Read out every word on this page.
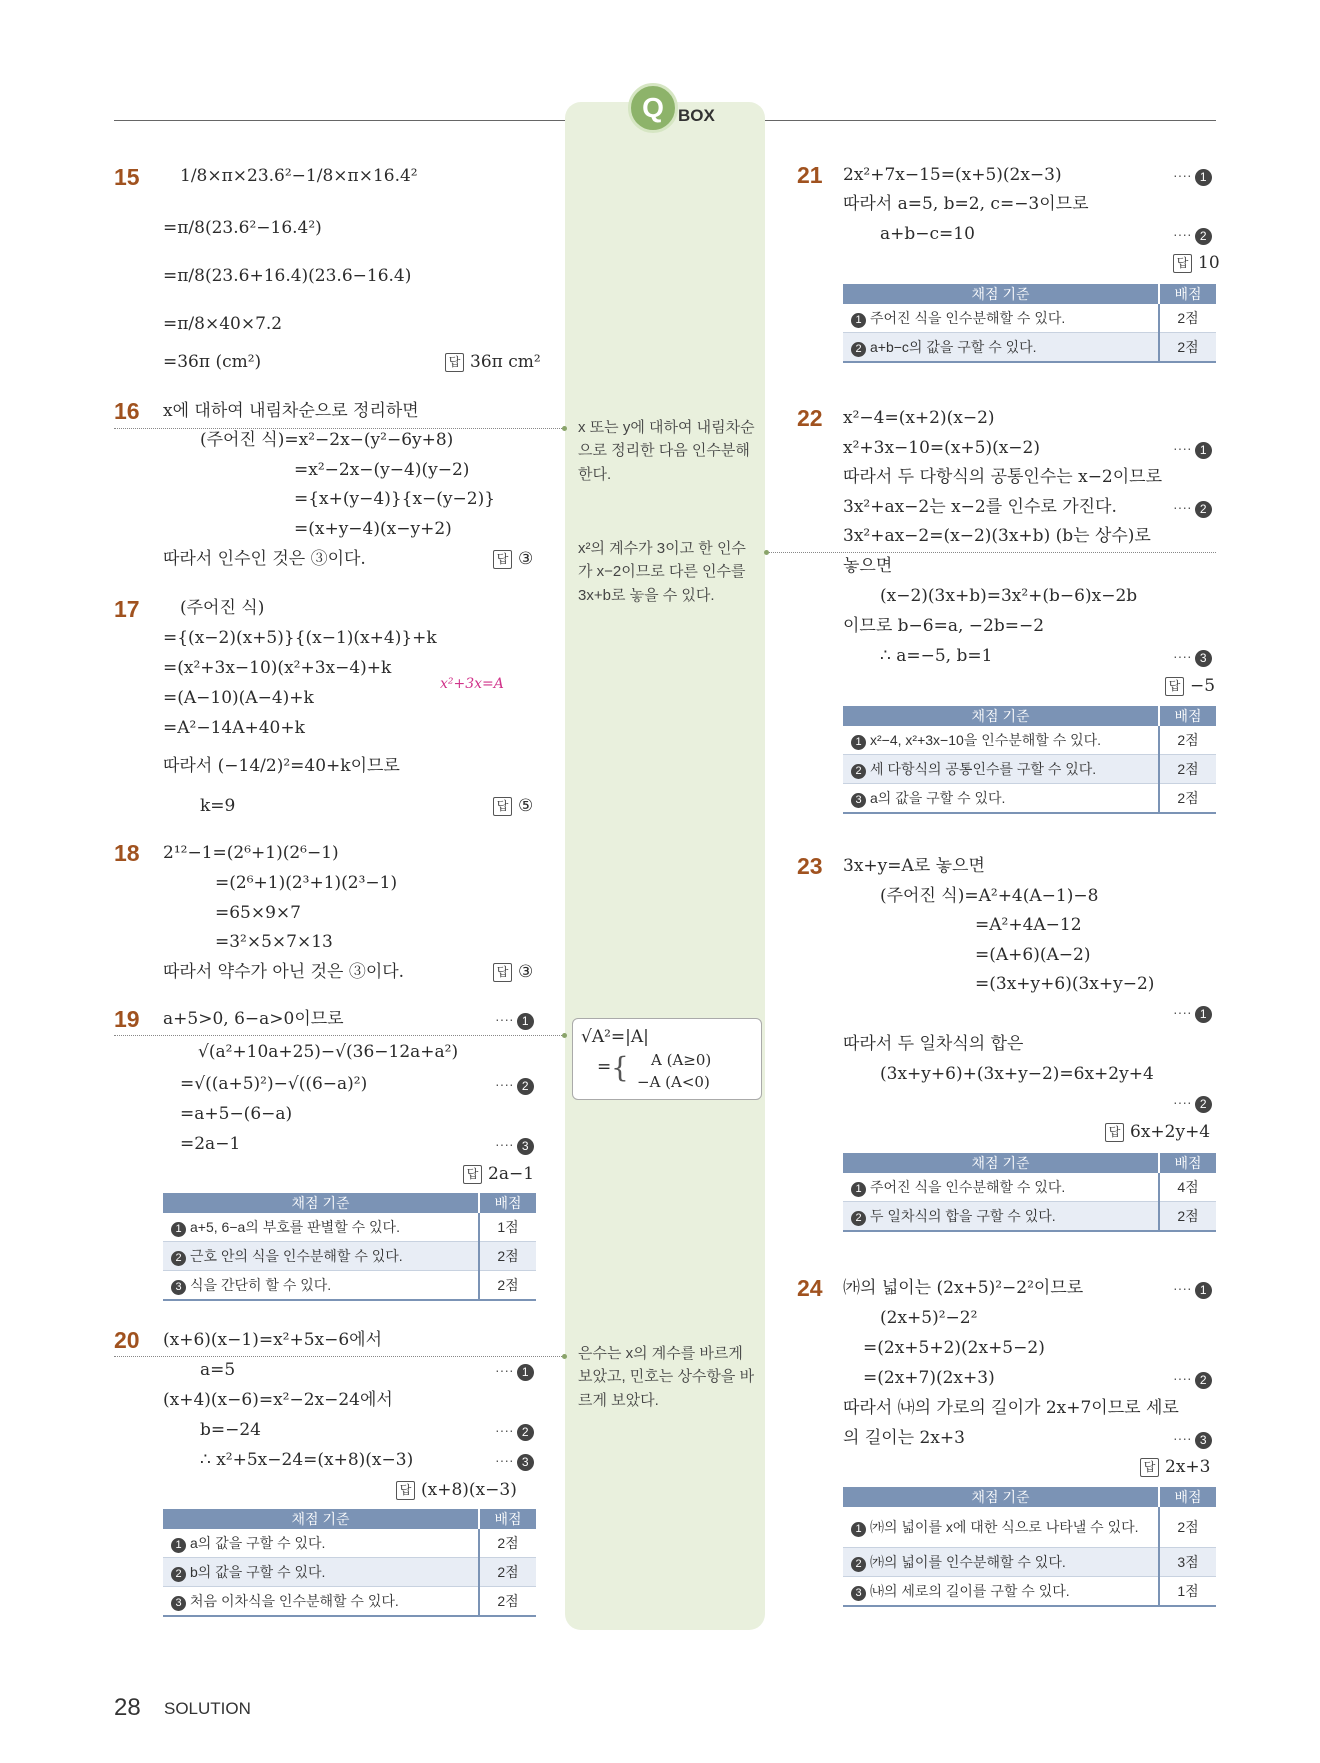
Q BOX
15 1/8×π×23.6²−1/8×π×16.4²
=π/8(23.6²−16.4²)
=π/8(23.6+16.4)(23.6−16.4)
=π/8×40×7.2
=36π (cm²)	답 36π cm²
16 x에 대하여 내림차순으로 정리하면
(주어진 식)=x²−2x−(y²−6y+8)
=x²−2x−(y−4)(y−2)
={x+(y−4)}{x−(y−2)}
=(x+y−4)(x−y+2)
따라서 인수인 것은 ③이다.	답 ③
17 (주어진 식)
={(x−2)(x+5)}{(x−1)(x+4)}+k
=(x²+3x−10)(x²+3x−4)+k
=(A−10)(A−4)+k
=A²−14A+40+k
x²+3x=A
따라서 (−14/2)²=40+k이므로
k=9	답 ⑤
18 2¹²−1=(2⁶+1)(2⁶−1)
=(2⁶+1)(2³+1)(2³−1)
=65×9×7
=3²×5×7×13
따라서 약수가 아닌 것은 ③이다.	답 ③
19 a+5>0, 6−a>0이므로	···· 1
√(a²+10a+25)−√(36−12a+a²)
=√((a+5)²)−√((6−a)²)	···· 2
=a+5−(6−a)
=2a−1	···· 3
답 2a−1
채점 기준	배점
1 a+5, 6−a의 부호를 판별할 수 있다.	1점
2 근호 안의 식을 인수분해할 수 있다.	2점
3 식을 간단히 할 수 있다.	2점
20 (x+6)(x−1)=x²+5x−6에서
a=5	···· 1
(x+4)(x−6)=x²−2x−24에서
b=−24	···· 2
∴ x²+5x−24=(x+8)(x−3)	···· 3
답 (x+8)(x−3)
채점 기준	배점
1 a의 값을 구할 수 있다.	2점
2 b의 값을 구할 수 있다.	2점
3 처음 이차식을 인수분해할 수 있다.	2점
x 또는 y에 대하여 내림차순으로 정리한 다음 인수분해한다.
x²의 계수가 3이고 한 인수가 x−2이므로 다른 인수를 3x+b로 놓을 수 있다.
√A²=|A|
{ A (A≥0)
−A (A<0)
=
은수는 x의 계수를 바르게 보았고, 민호는 상수항을 바르게 보았다.
21 2x²+7x−15=(x+5)(2x−3)	···· 1
따라서 a=5, b=2, c=−3이므로
a+b−c=10	···· 2
답 10
채점 기준	배점
1 주어진 식을 인수분해할 수 있다.	2점
2 a+b−c의 값을 구할 수 있다.	2점
22 x²−4=(x+2)(x−2)
x²+3x−10=(x+5)(x−2)	···· 1
따라서 두 다항식의 공통인수는 x−2이므로
3x²+ax−2는 x−2를 인수로 가진다.	···· 2
3x²+ax−2=(x−2)(3x+b) (b는 상수)로
놓으면
(x−2)(3x+b)=3x²+(b−6)x−2b
이므로 b−6=a, −2b=−2
∴ a=−5, b=1	···· 3
답 −5
채점 기준	배점
1 x²−4, x²+3x−10을 인수분해할 수 있다.	2점
2 세 다항식의 공통인수를 구할 수 있다.	2점
3 a의 값을 구할 수 있다.	2점
23 3x+y=A로 놓으면
(주어진 식)=A²+4(A−1)−8
=A²+4A−12
=(A+6)(A−2)
=(3x+y+6)(3x+y−2)
···· 1
따라서 두 일차식의 합은
(3x+y+6)+(3x+y−2)=6x+2y+4
···· 2
답 6x+2y+4
채점 기준	배점
1 주어진 식을 인수분해할 수 있다.	4점
2 두 일차식의 합을 구할 수 있다.	2점
24 ㈎의 넓이는 (2x+5)²−2²이므로	···· 1
(2x+5)²−2²
=(2x+5+2)(2x+5−2)
=(2x+7)(2x+3)	···· 2
따라서 ㈏의 가로의 길이가 2x+7이므로 세로
의 길이는 2x+3	···· 3
답 2x+3
채점 기준	배점
1 ㈎의 넓이를 x에 대한 식으로 나타낼 수 있다.	2점
2 ㈎의 넓이를 인수분해할 수 있다.	3점
3 ㈏의 세로의 길이를 구할 수 있다.	1점
28 SOLUTION
